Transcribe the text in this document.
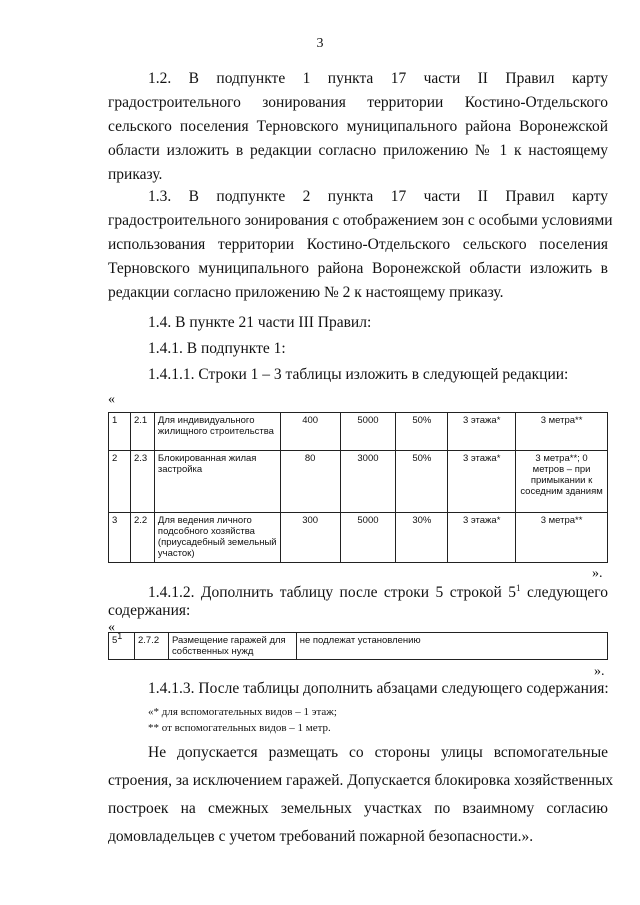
3
1.2. В подпункте 1 пункта 17 части II Правил карту
градостроительного зонирования территории Костино-Отдельского
сельского поселения Терновского муниципального района Воронежской
области изложить в редакции согласно приложению № 1 к настоящему
приказу.
1.3. В подпункте 2 пункта 17 части II Правил карту
градостроительного зонирования с отображением зон с особыми условиями
использования территории Костино-Отдельского сельского поселения
Терновского муниципального района Воронежской области изложить в
редакции согласно приложению № 2 к настоящему приказу.
1.4. В пункте 21 части III Правил:
1.4.1. В подпункте 1:
1.4.1.1. Строки 1 – 3 таблицы изложить в следующей редакции:
«
1	2.1	Для индивидуального жилищного строительства	400	5000	50%	3 этажа*	3 метра**
2	2.3	Блокированная жилая застройка	80	3000	50%	3 этажа*	3 метра**; 0 метров – при примыкании к соседним зданиям
3	2.2	Для ведения личного подсобного хозяйства (приусадебный земельный участок)	300	5000	30%	3 этажа*	3 метра**
».
1.4.1.2. Дополнить таблицу после строки 5 строкой $5^1$ следующего
содержания:
«
$5^1$	2.7.2	Размещение гаражей для собственных нужд	не подлежат установлению
».
1.4.1.3. После таблицы дополнить абзацами следующего содержания:
«* для вспомогательных видов – 1 этаж;
** от вспомогательных видов – 1 метр.
Не допускается размещать со стороны улицы вспомогательные
строения, за исключением гаражей. Допускается блокировка хозяйственных
построек на смежных земельных участках по взаимному согласию
домовладельцев с учетом требований пожарной безопасности.».
